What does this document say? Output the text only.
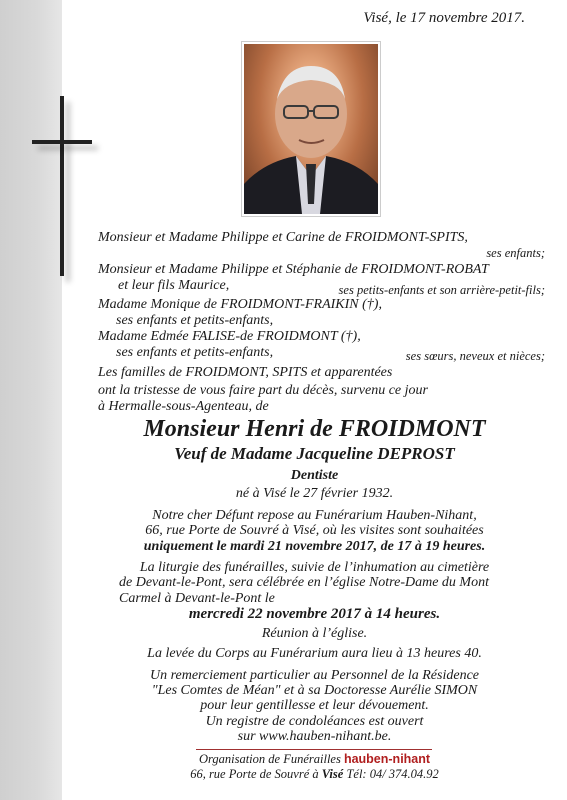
Visé, le 17 novembre 2017.
Monsieur et Madame Philippe et Carine de FROIDMONT-SPITS,
ses enfants;
Monsieur et Madame Philippe et Stéphanie de FROIDMONT-ROBAT
et leur fils Maurice,	ses petits-enfants et son arrière-petit-fils;
Madame Monique de FROIDMONT-FRAIKIN (†),
ses enfants et petits-enfants,
Madame Edmée FALISE-de FROIDMONT (†),
ses enfants et petits-enfants,	ses sœurs, neveux et nièces;
Les familles de FROIDMONT, SPITS et apparentées
ont la tristesse de vous faire part du décès, survenu ce jour
à Hermalle-sous-Agenteau, de
Monsieur Henri de FROIDMONT
Veuf de Madame Jacqueline DEPROST
Dentiste
né à Visé le 27 février 1932.
Notre cher Défunt repose au Funérarium Hauben-Nihant,
66, rue Porte de Souvré à Visé, où les visites sont souhaitées
uniquement le mardi 21 novembre 2017, de 17 à 19 heures.
La liturgie des funérailles, suivie de l’inhumation au cimetière
de Devant-le-Pont, sera célébrée en l’église Notre-Dame du Mont
Carmel à Devant-le-Pont le
mercredi 22 novembre 2017 à 14 heures.
Réunion à l’église.
La levée du Corps au Funérarium aura lieu à 13 heures 40.
Un remerciement particulier au Personnel de la Résidence
"Les Comtes de Méan" et à sa Doctoresse Aurélie SIMON
pour leur gentillesse et leur dévouement.
Un registre de condoléances est ouvert
sur www.hauben-nihant.be.
Organisation de Funérailles hauben-nihant
66, rue Porte de Souvré à Visé Tél: 04/ 374.04.92
